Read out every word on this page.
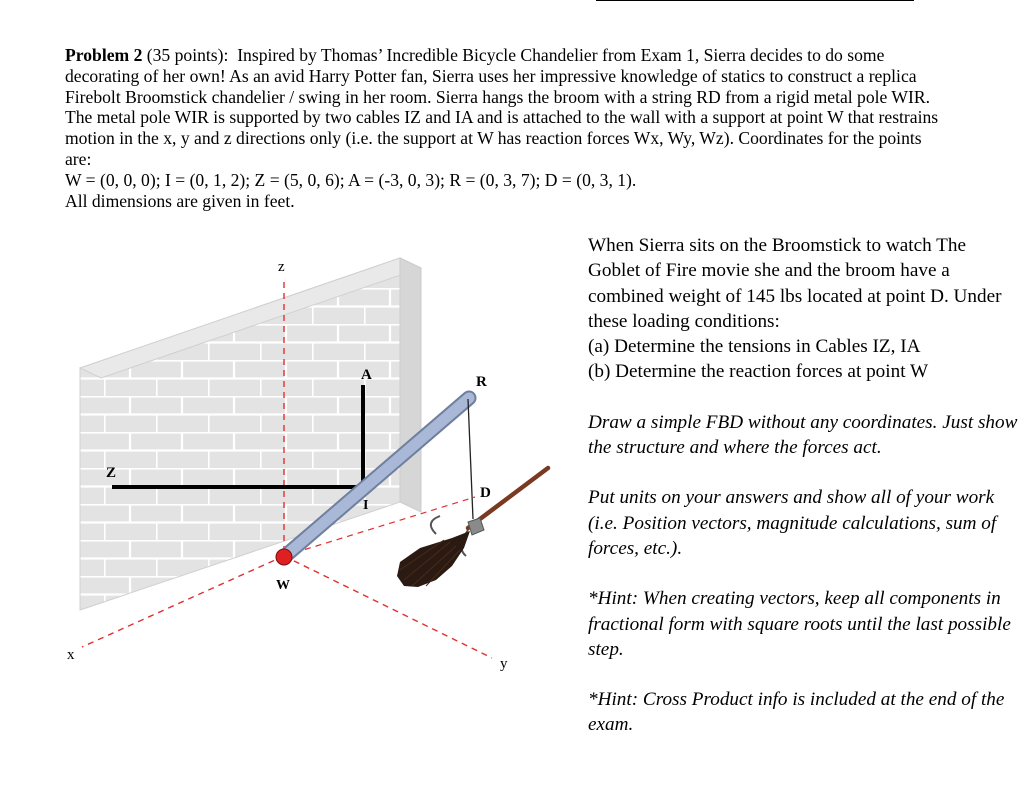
Problem 2 (35 points): Inspired by Thomas’ Incredible Bicycle Chandelier from Exam 1, Sierra decides to do some decorating of her own! As an avid Harry Potter fan, Sierra uses her impressive knowledge of statics to construct a replica Firebolt Broomstick chandelier / swing in her room. Sierra hangs the broom with a string RD from a rigid metal pole WIR. The metal pole WIR is supported by two cables IZ and IA and is attached to the wall with a support at point W that restrains motion in the x, y and z directions only (i.e. the support at W has reaction forces Wx, Wy, Wz). Coordinates for the points are:
W = (0, 0, 0); I = (0, 1, 2); Z = (5, 0, 6); A = (-3, 0, 3); R = (0, 3, 7); D = (0, 3, 1).
All dimensions are given in feet.

z
x
y
A	R
Z
I
D
W

When Sierra sits on the Broomstick to watch The Goblet of Fire movie she and the broom have a combined weight of 145 lbs located at point D. Under these loading conditions:

(a) Determine the tensions in Cables IZ, IA

(b) Determine the reaction forces at point W

Draw a simple FBD without any coordinates. Just show the structure and where the forces act.

Put units on your answers and show all of your work (i.e. Position vectors, magnitude calculations, sum of forces, etc.).

*Hint: When creating vectors, keep all components in fractional form with square roots until the last possible step.

*Hint: Cross Product info is included at the end of the exam.
